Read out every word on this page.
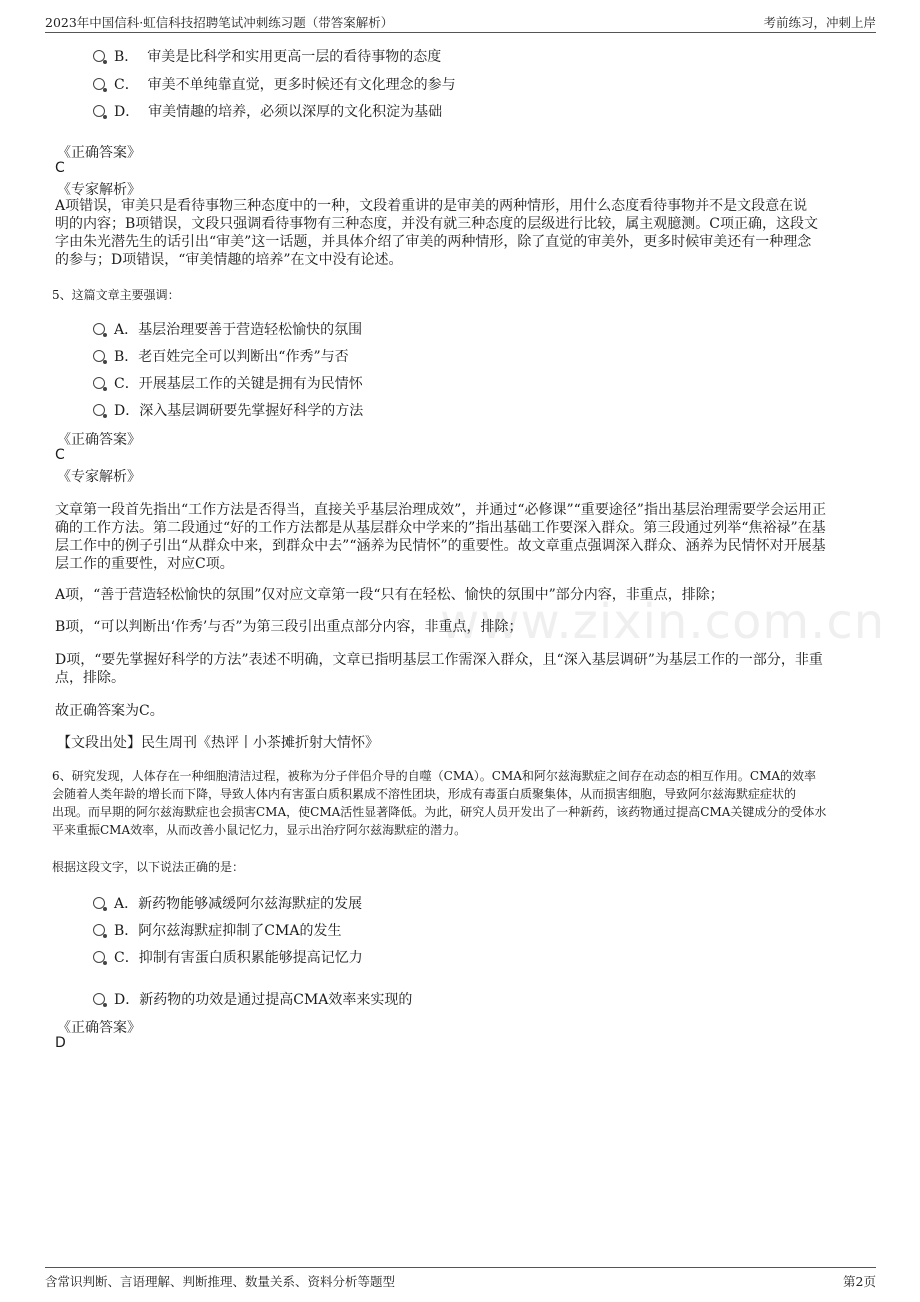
2023年中国信科·虹信科技招聘笔试冲刺练习题（带答案解析）	考前练习，冲刺上岸
www.zixin.com.cn
B． 审美是比科学和实用更高一层的看待事物的态度
C． 审美不单纯靠直觉，更多时候还有文化理念的参与
D． 审美情趣的培养，必须以深厚的文化积淀为基础
《正确答案》
C
《专家解析》
A项错误，审美只是看待事物三种态度中的一种，文段着重讲的是审美的两种情形，用什么态度看待事物并不是文段意在说
明的内容；B项错误，文段只强调看待事物有三种态度，并没有就三种态度的层级进行比较，属主观臆测。C项正确，这段文
字由朱光潜先生的话引出“审美”这一话题，并具体介绍了审美的两种情形，除了直觉的审美外，更多时候审美还有一种理念
的参与；D项错误，“审美情趣的培养”在文中没有论述。
5、这篇文章主要强调：
A．基层治理要善于营造轻松愉快的氛围
B．老百姓完全可以判断出“作秀”与否
C．开展基层工作的关键是拥有为民情怀
D．深入基层调研要先掌握好科学的方法
《正确答案》
C
《专家解析》
文章第一段首先指出“工作方法是否得当，直接关乎基层治理成效”，并通过“必修课”“重要途径”指出基层治理需要学会运用正
确的工作方法。第二段通过“好的工作方法都是从基层群众中学来的”指出基础工作要深入群众。第三段通过列举“焦裕禄”在基
层工作中的例子引出“从群众中来，到群众中去”“涵养为民情怀”的重要性。故文章重点强调深入群众、涵养为民情怀对开展基
层工作的重要性，对应C项。
A项，“善于营造轻松愉快的氛围”仅对应文章第一段“只有在轻松、愉快的氛围中”部分内容，非重点，排除；
B项，“可以判断出‘作秀’与否”为第三段引出重点部分内容，非重点，排除；
D项，“要先掌握好科学的方法”表述不明确，文章已指明基层工作需深入群众，且“深入基层调研”为基层工作的一部分，非重
点，排除。
故正确答案为C。
【文段出处】民生周刊《热评丨小茶摊折射大情怀》
6、研究发现，人体存在一种细胞清洁过程，被称为分子伴侣介导的自噬（CMA）。CMA和阿尔兹海默症之间存在动态的相互作用。CMA的效率
会随着人类年龄的增长而下降，导致人体内有害蛋白质积累成不溶性团块，形成有毒蛋白质聚集体，从而损害细胞，导致阿尔兹海默症症状的
出现。而早期的阿尔兹海默症也会损害CMA，使CMA活性显著降低。为此，研究人员开发出了一种新药，该药物通过提高CMA关键成分的受体水
平来重振CMA效率，从而改善小鼠记忆力，显示出治疗阿尔兹海默症的潜力。
根据这段文字，以下说法正确的是：
A．新药物能够减缓阿尔兹海默症的发展
B．阿尔兹海默症抑制了CMA的发生
C．抑制有害蛋白质积累能够提高记忆力
D．新药物的功效是通过提高CMA效率来实现的
《正确答案》
D
含常识判断、言语理解、判断推理、数量关系、资料分析等题型	第2页
